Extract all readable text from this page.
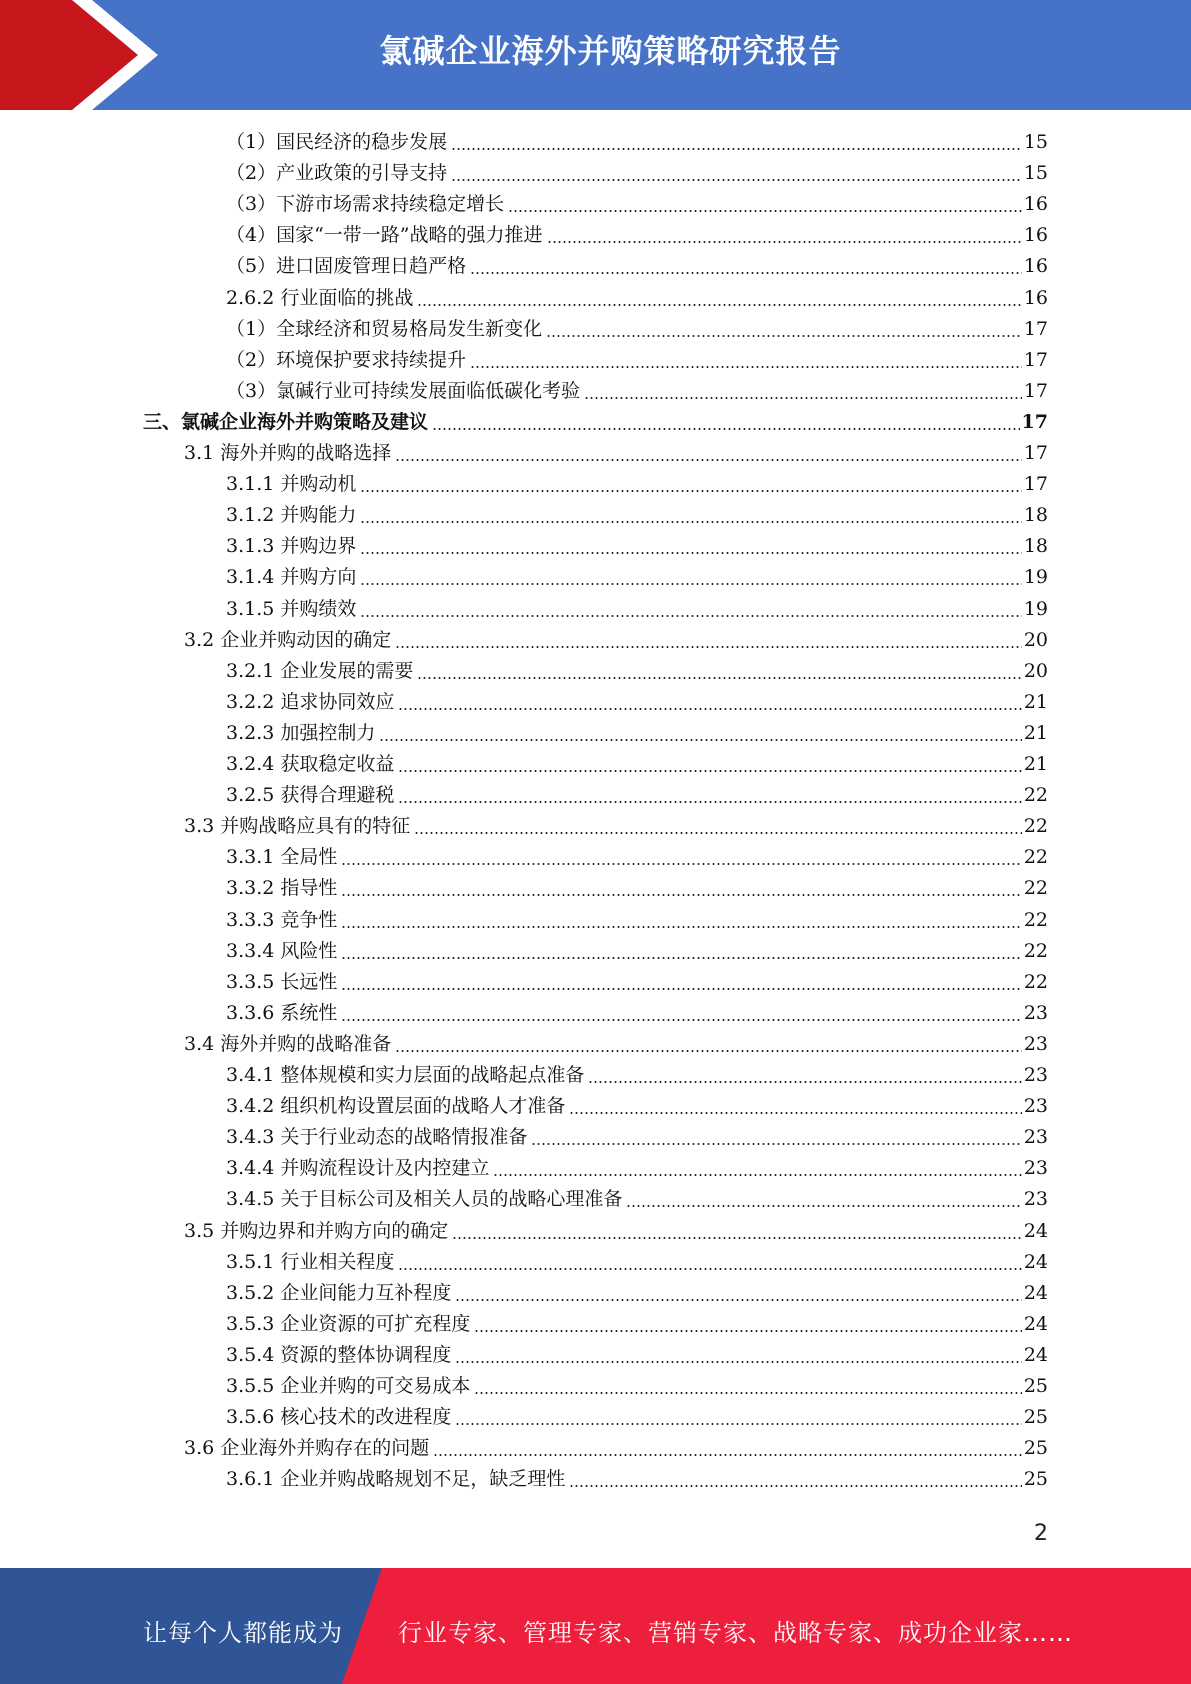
氯碱企业海外并购策略研究报告
（1）国民经济的稳步发展	15
（2）产业政策的引导支持	15
（3）下游市场需求持续稳定增长	16
（4）国家“一带一路”战略的强力推进	16
（5）进口固废管理日趋严格	16
2.6.2 行业面临的挑战	16
（1）全球经济和贸易格局发生新变化	17
（2）环境保护要求持续提升	17
（3）氯碱行业可持续发展面临低碳化考验	17
三、氯碱企业海外并购策略及建议	17
3.1 海外并购的战略选择	17
3.1.1 并购动机	17
3.1.2 并购能力	18
3.1.3 并购边界	18
3.1.4 并购方向	19
3.1.5 并购绩效	19
3.2 企业并购动因的确定	20
3.2.1 企业发展的需要	20
3.2.2 追求协同效应	21
3.2.3 加强控制力	21
3.2.4 获取稳定收益	21
3.2.5 获得合理避税	22
3.3 并购战略应具有的特征	22
3.3.1 全局性	22
3.3.2 指导性	22
3.3.3 竞争性	22
3.3.4 风险性	22
3.3.5 长远性	22
3.3.6 系统性	23
3.4 海外并购的战略准备	23
3.4.1 整体规模和实力层面的战略起点准备	23
3.4.2 组织机构设置层面的战略人才准备	23
3.4.3 关于行业动态的战略情报准备	23
3.4.4 并购流程设计及内控建立	23
3.4.5 关于目标公司及相关人员的战略心理准备	23
3.5 并购边界和并购方向的确定	24
3.5.1 行业相关程度	24
3.5.2 企业间能力互补程度	24
3.5.3 企业资源的可扩充程度	24
3.5.4 资源的整体协调程度	24
3.5.5 企业并购的可交易成本	25
3.5.6 核心技术的改进程度	25
3.6 企业海外并购存在的问题	25
3.6.1 企业并购战略规划不足，缺乏理性	25
2
让每个人都能成为 行业专家、管理专家、营销专家、战略专家、成功企业家……
